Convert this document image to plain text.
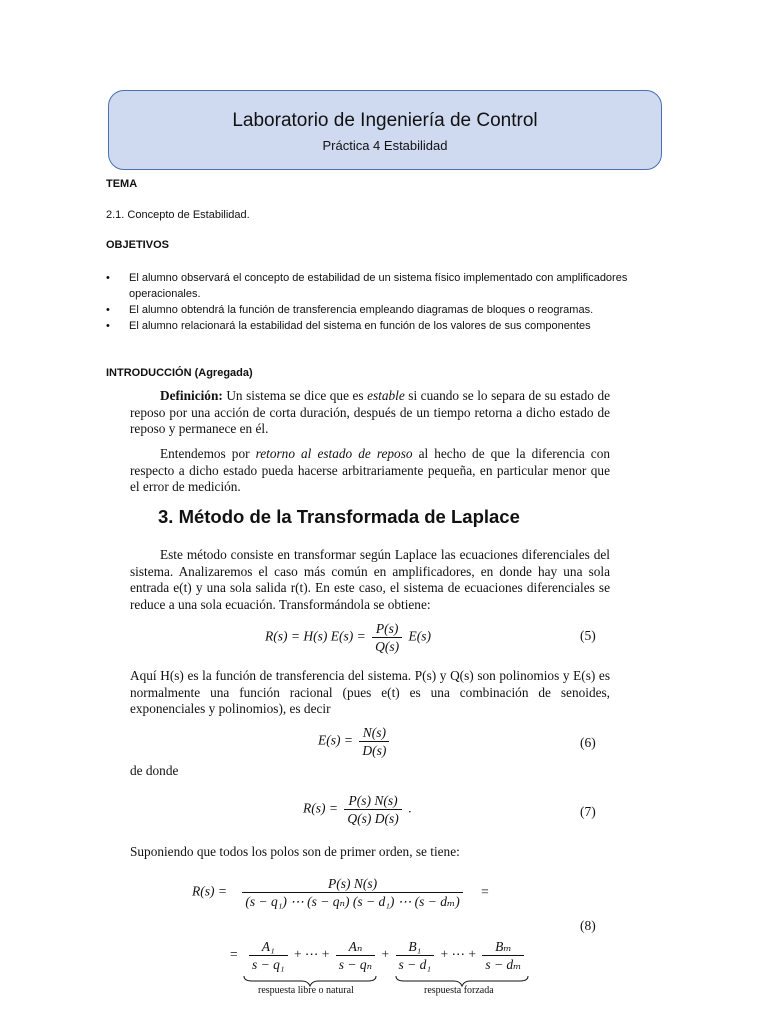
Laboratorio de Ingeniería de Control
Práctica 4 Estabilidad
TEMA
2.1. Concepto de Estabilidad.
OBJETIVOS
• El alumno observará el concepto de estabilidad de un sistema físico implementado con amplificadores operacionales.
• El alumno obtendrá la función de transferencia empleando diagramas de bloques o reogramas.
• El alumno relacionará la estabilidad del sistema en función de los valores de sus componentes
INTRODUCCIÓN (Agregada)
Definición: Un sistema se dice que es estable si cuando se lo separa de su estado de reposo por una acción de corta duración, después de un tiempo retorna a dicho estado de reposo y permanece en él.
Entendemos por retorno al estado de reposo al hecho de que la diferencia con respecto a dicho estado pueda hacerse arbitrariamente pequeña, en particular menor que el error de medición.
3. Método de la Transformada de Laplace
Este método consiste en transformar según Laplace las ecuaciones diferenciales del sistema. Analizaremos el caso más común en amplificadores, en donde hay una sola entrada e(t) y una sola salida r(t). En este caso, el sistema de ecuaciones diferenciales se reduce a una sola ecuación. Transformándola se obtiene:
R(s) = H(s) $E(s) = \frac{P(s)}{Q(s)} E(s)$	(5)
Aquí H(s) es la función de transferencia del sistema. P(s) y Q(s) son polinomios y E(s) es normalmente una función racional (pues e(t) es una combinación de senoides, exponenciales y polinomios), es decir
$E(s) = \frac{N(s)}{D(s)}$	(6)
de donde
$R(s) = \frac{P(s) N(s)}{Q(s) D(s)}$ .	(7)
Suponiendo que todos los polos son de primer orden, se tiene:
$R(s) = \frac{P(s) N(s)}{\text{(s − q₁) ⋯ (s − qₙ) (s − d₁) ⋯ (s − dₘ)}}$ =
(8)
= $\frac{\text{A₁}}{\text{s − q₁}}$ + ⋯ + $\frac{\text{Aₙ}}{\text{s − qₙ}} + \frac{\text{B₁}}{\text{s − d₁}}$ + ⋯ + $\frac{\text{Bₘ}}{\text{s − dₘ}}$
respuesta libre o natural	respuesta forzada
